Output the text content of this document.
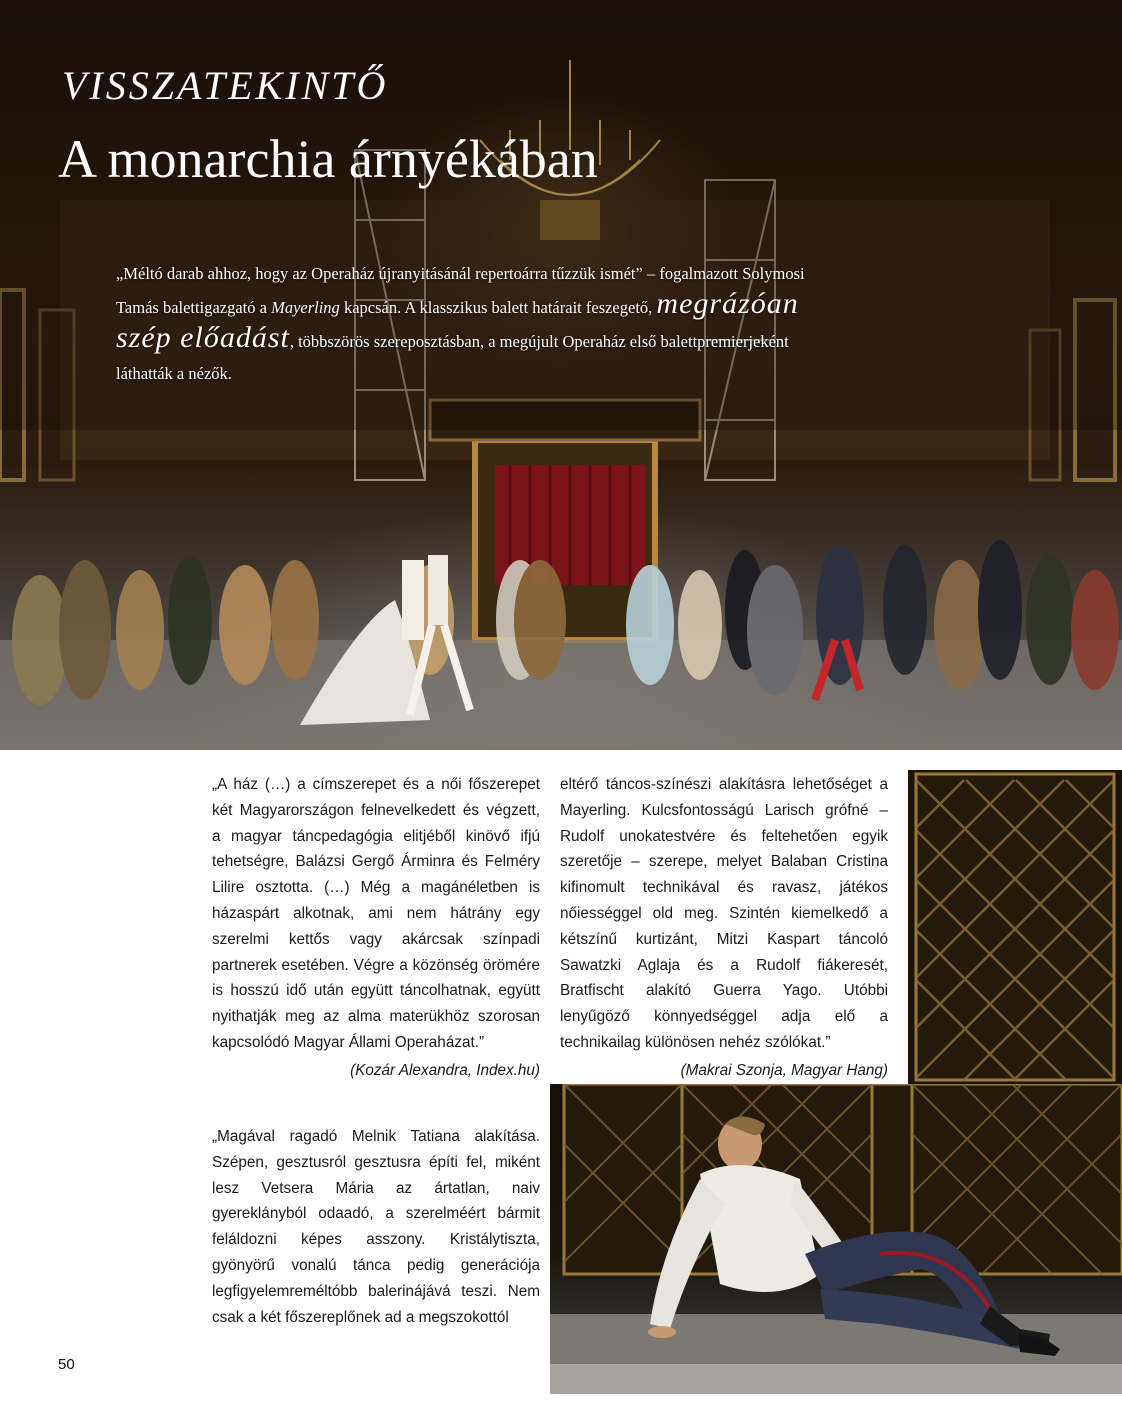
VISSZATEKINTŐ
A monarchia árnyékában

„Méltó darab ahhoz, hogy az Operaház újranyitásánál repertoárra tűzzük ismét” – fogalmazott Solymosi Tamás balettigazgató a Mayerling kapcsán. A klasszikus balett határait feszegető, megrázóan szép előadást, többszörös szereposztásban, a megújult Operaház első balettpremierjeként láthatták a nézők.

„A ház (…) a címszerepet és a női főszerepet két Magyarországon felnevelkedett és végzett, a magyar táncpedagógia elitjéből kinövő ifjú tehetségre, Balázsi Gergő Árminra és Felméry Lilire osztotta. (…) Még a magánéletben is házaspárt alkotnak, ami nem hátrány egy szerelmi kettős vagy akárcsak színpadi partnerek esetében. Végre a közönség örömére is hosszú idő után együtt táncolhatnak, együtt nyithatják meg az alma materükhöz szorosan kapcsolódó Magyar Állami Operaházat.”
(Kozár Alexandra, Index.hu)
„Magával ragadó Melnik Tatiana alakítása. Szépen, gesztusról gesztusra építi fel, miként lesz Vetsera Mária az ártatlan, naiv gyereklányból odaadó, a szerelméért bármit feláldozni képes asszony. Kristálytiszta, gyönyörű vonalú tánca pedig generációja legfigyelemreméltóbb balerinájává teszi. Nem csak a két főszereplőnek ad a megszokottól
eltérő táncos-színészi alakításra lehetőséget a Mayerling. Kulcsfontosságú Larisch grófné – Rudolf unokatestvére és feltehetően egyik szeretője – szerepe, melyet Balaban Cristina kifinomult technikával és ravasz, játékos nőiességgel old meg. Szintén kiemelkedő a kétszínű kurtizánt, Mitzi Kaspart táncoló Sawatzki Aglaja és a Rudolf fiákeresét, Bratfischt alakító Guerra Yago. Utóbbi lenyűgöző könnyedséggel adja elő a technikailag különösen nehéz szólókat.”
(Makrai Szonja, Magyar Hang)
50
